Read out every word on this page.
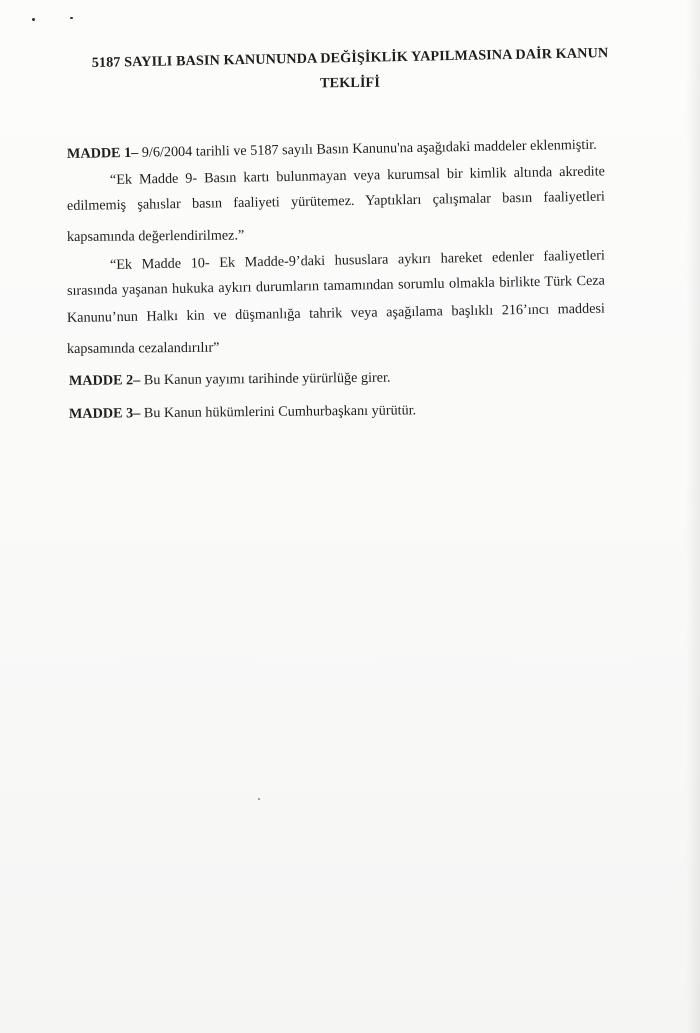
5187 SAYILI BASIN KANUNUNDA DEĞİŞİKLİK YAPILMASINA DAİR KANUN
TEKLİFİ
MADDE 1– 9/6/2004 tarihli ve 5187 sayılı Basın Kanunu'na aşağıdaki maddeler eklenmiştir.
“Ek Madde 9- Basın kartı bulunmayan veya kurumsal bir kimlik altında akredite
edilmemiş şahıslar basın faaliyeti yürütemez. Yaptıkları çalışmalar basın faaliyetleri
kapsamında değerlendirilmez.”
“Ek Madde 10- Ek Madde-9’daki hususlara aykırı hareket edenler faaliyetleri
sırasında yaşanan hukuka aykırı durumların tamamından sorumlu olmakla birlikte Türk Ceza
Kanunu’nun Halkı kin ve düşmanlığa tahrik veya aşağılama başlıklı 216’ıncı maddesi
kapsamında cezalandırılır”
MADDE 2– Bu Kanun yayımı tarihinde yürürlüğe girer.
MADDE 3– Bu Kanun hükümlerini Cumhurbaşkanı yürütür.
